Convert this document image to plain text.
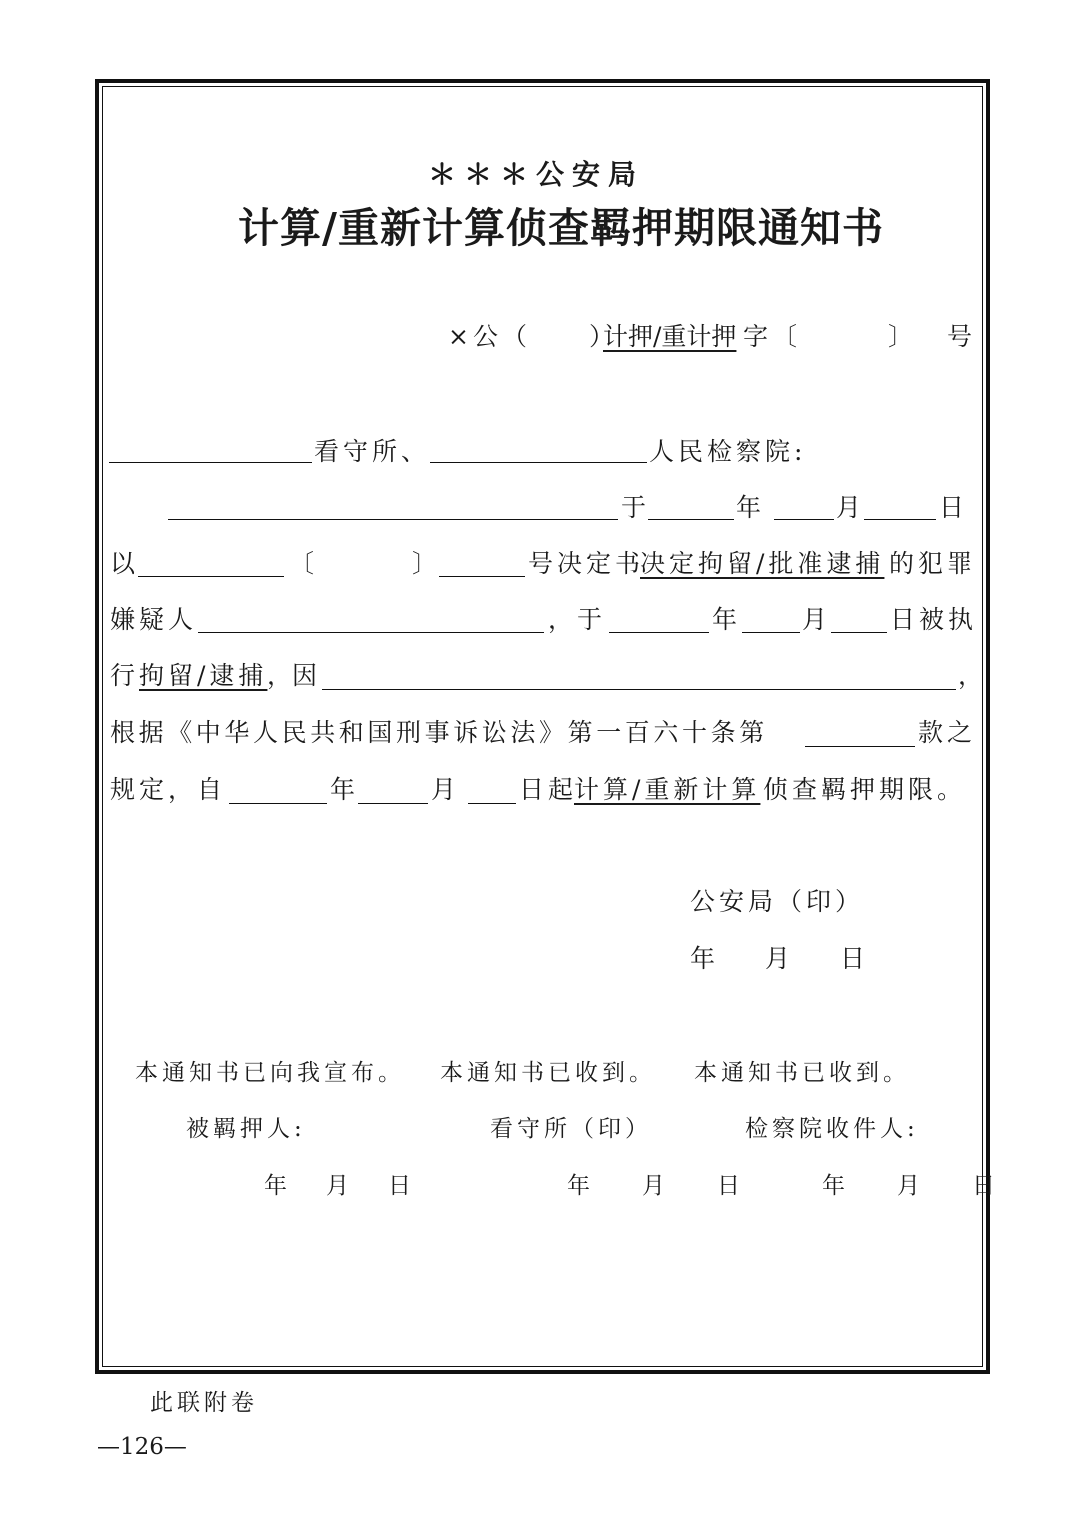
＊＊＊公安局
计算/重新计算侦查羁押期限通知书
×公（　　）
计押/重计押 字〔　　　〕 号
看守所、	人民检察院:
于	年	月	日
以	〔	〕	号决定书
决定拘留/批准逮捕 的犯罪
嫌疑人	，于	年	月	日被执
行 拘留/逮捕 ，因	，
根据《中华人民共和国刑事诉讼法》第一百六十条第	款之
规定，自	年	月	日起
计算/重新计算 侦查羁押期限。
公安局（印）
年　　月　　日
本通知书已向我宣布。 本通知书已收到。 本通知书已收到。
被羁押人:	看守所（印）	检察院收件人:
年　月　日	年　　月　　日	年　　月　　日
此联附卷
—126—
